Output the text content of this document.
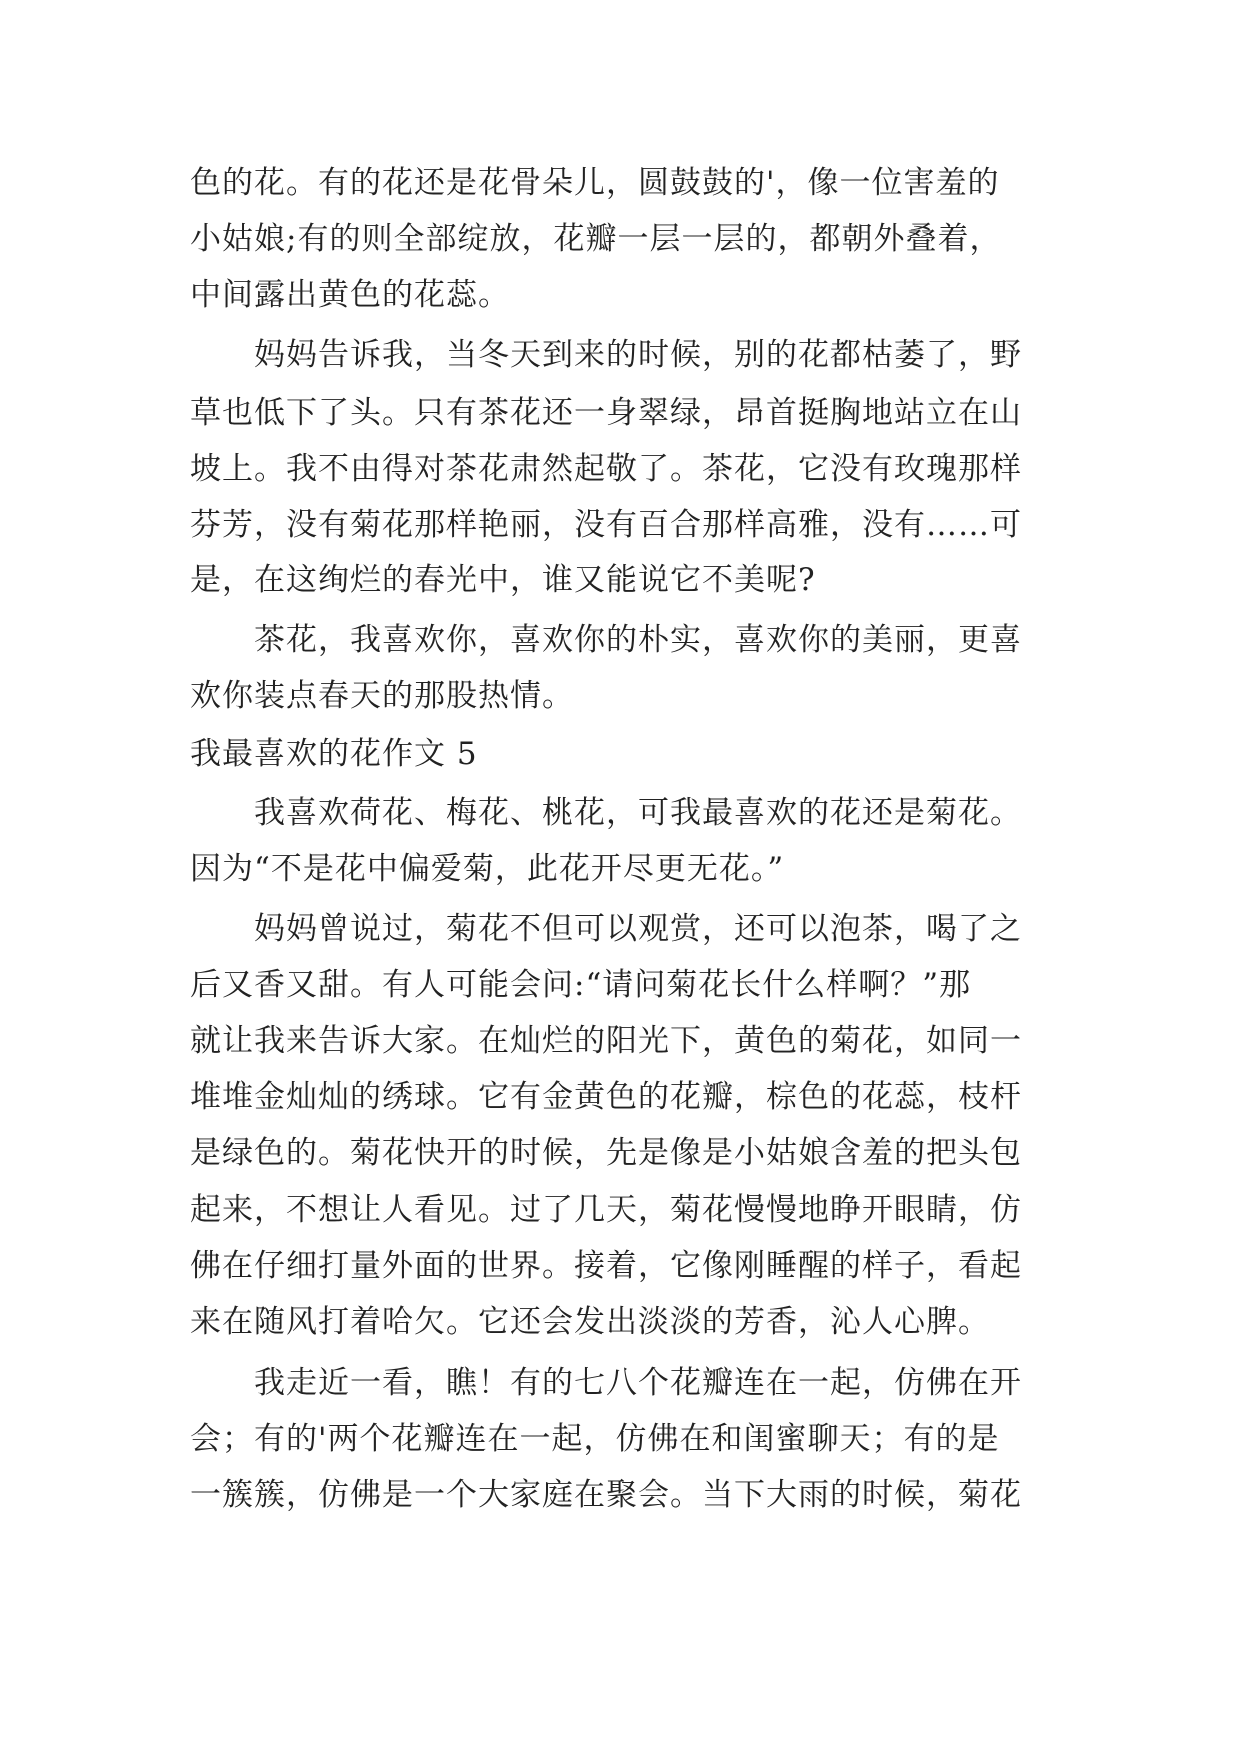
色的花。有的花还是花骨朵儿，圆鼓鼓的'，像一位害羞的
小姑娘;有的则全部绽放，花瓣一层一层的，都朝外叠着，
中间露出黄色的花蕊。
　　妈妈告诉我，当冬天到来的时候，别的花都枯萎了，野
草也低下了头。只有茶花还一身翠绿，昂首挺胸地站立在山
坡上。我不由得对茶花肃然起敬了。茶花，它没有玫瑰那样
芬芳，没有菊花那样艳丽，没有百合那样高雅，没有……可
是，在这绚烂的春光中，谁又能说它不美呢?
　　茶花，我喜欢你，喜欢你的朴实，喜欢你的美丽，更喜
欢你装点春天的那股热情。
我最喜欢的花作文 5
　　我喜欢荷花、梅花、桃花，可我最喜欢的花还是菊花。
因为“不是花中偏爱菊，此花开尽更无花。”
　　妈妈曾说过，菊花不但可以观赏，还可以泡茶，喝了之
后又香又甜。有人可能会问:“请问菊花长什么样啊？”那
就让我来告诉大家。在灿烂的阳光下，黄色的菊花，如同一
堆堆金灿灿的绣球。它有金黄色的花瓣，棕色的花蕊，枝杆
是绿色的。菊花快开的时候，先是像是小姑娘含羞的把头包
起来，不想让人看见。过了几天，菊花慢慢地睁开眼睛，仿
佛在仔细打量外面的世界。接着，它像刚睡醒的样子，看起
来在随风打着哈欠。它还会发出淡淡的芳香，沁人心脾。
　　我走近一看，瞧！有的七八个花瓣连在一起，仿佛在开
会；有的'两个花瓣连在一起，仿佛在和闺蜜聊天；有的是
一簇簇，仿佛是一个大家庭在聚会。当下大雨的时候，菊花
